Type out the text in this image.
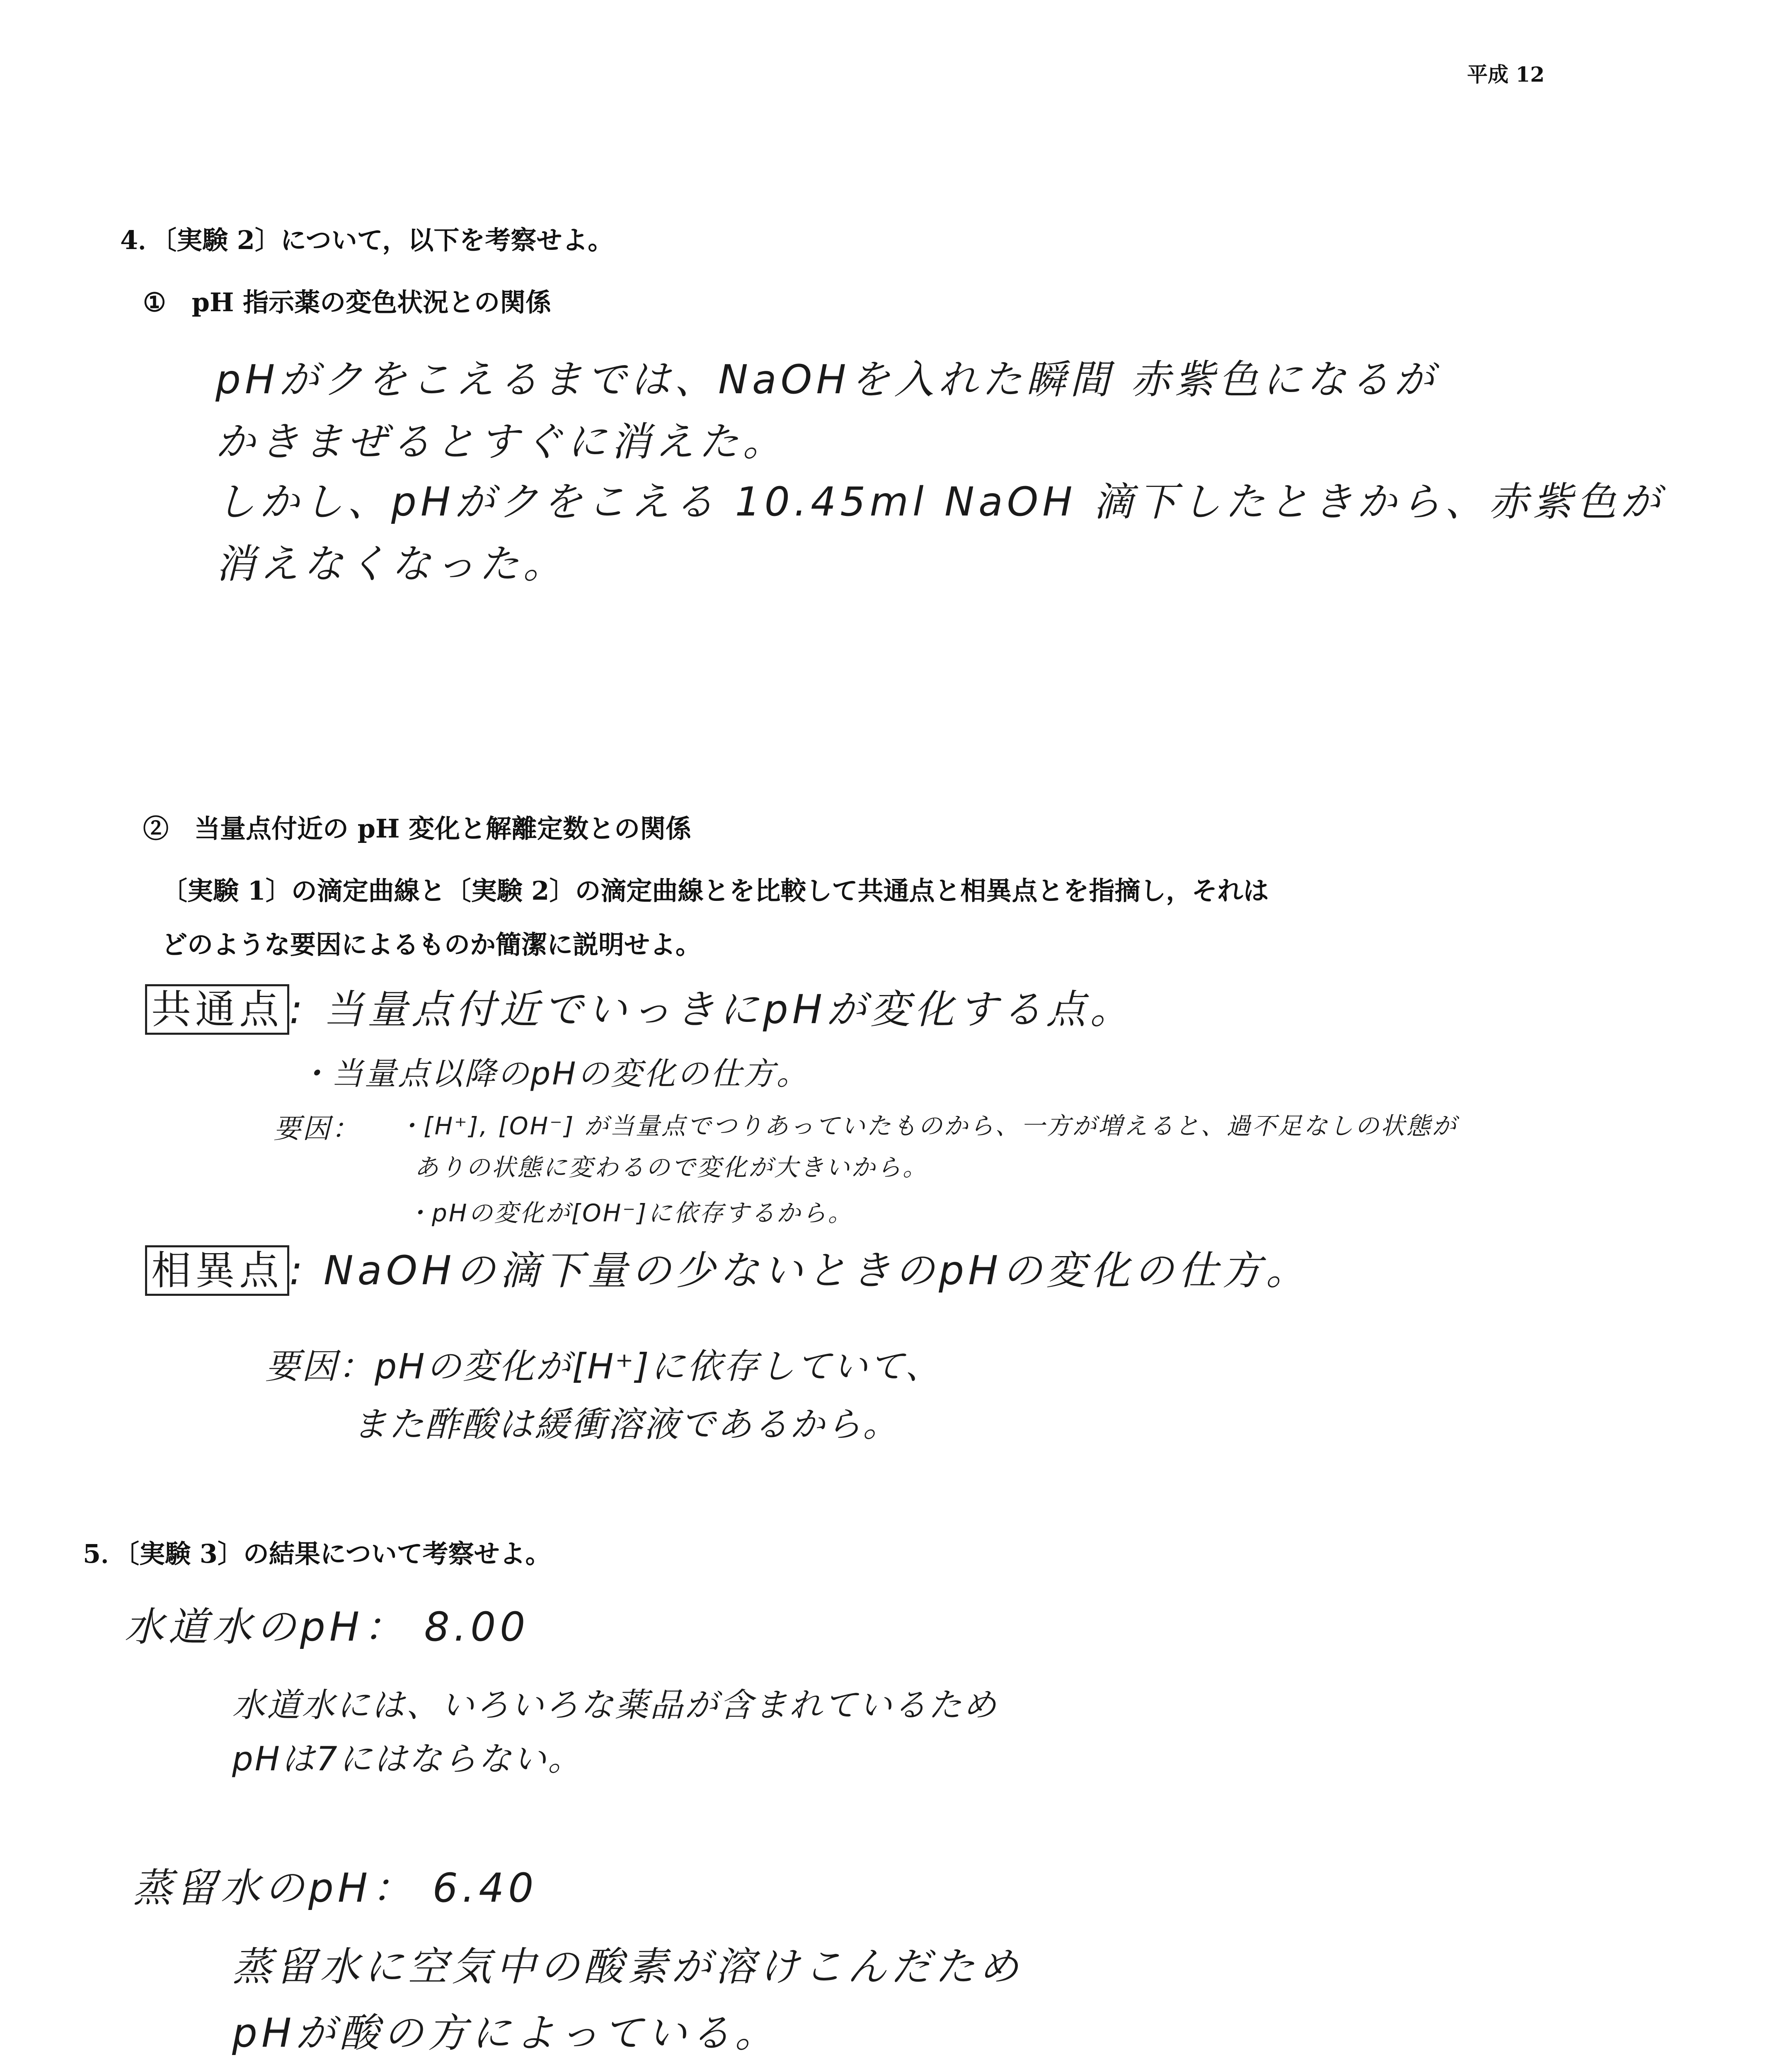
平成 12
4．〔実験 2〕について，以下を考察せよ。
①　pH 指示薬の変色状況との関係
pHがクをこえるまでは、NaOHを入れた瞬間 赤紫色になるが
かきまぜるとすぐに消えた。
しかし、pHがクをこえる 10.45ml NaOH 滴下したときから、赤紫色が
消えなくなった。
②　当量点付近の pH 変化と解離定数との関係
〔実験 1〕の滴定曲線と〔実験 2〕の滴定曲線とを比較して共通点と相異点とを指摘し，それは
どのような要因によるものか簡潔に説明せよ。
共通点 : 当量点付近でいっきにpHが変化する点。
・当量点以降のpHの変化の仕方。
要因： ・[H⁺], [OH⁻] が当量点でつりあっていたものから、一方が増えると、過不足なしの状態が
ありの状態に変わるので変化が大きいから。
・pHの変化が[OH⁻]に依存するから。
相異点 : NaOHの滴下量の少ないときのpHの変化の仕方。
要因：pHの変化が[H⁺]に依存していて、
また酢酸は緩衝溶液であるから。
5．〔実験 3〕の結果について考察せよ。
水道水のpH： 8.00
水道水には、いろいろな薬品が含まれているため
pHは7にはならない。
蒸留水のpH： 6.40
蒸留水に空気中の酸素が溶けこんだため
pHが酸の方によっている。
